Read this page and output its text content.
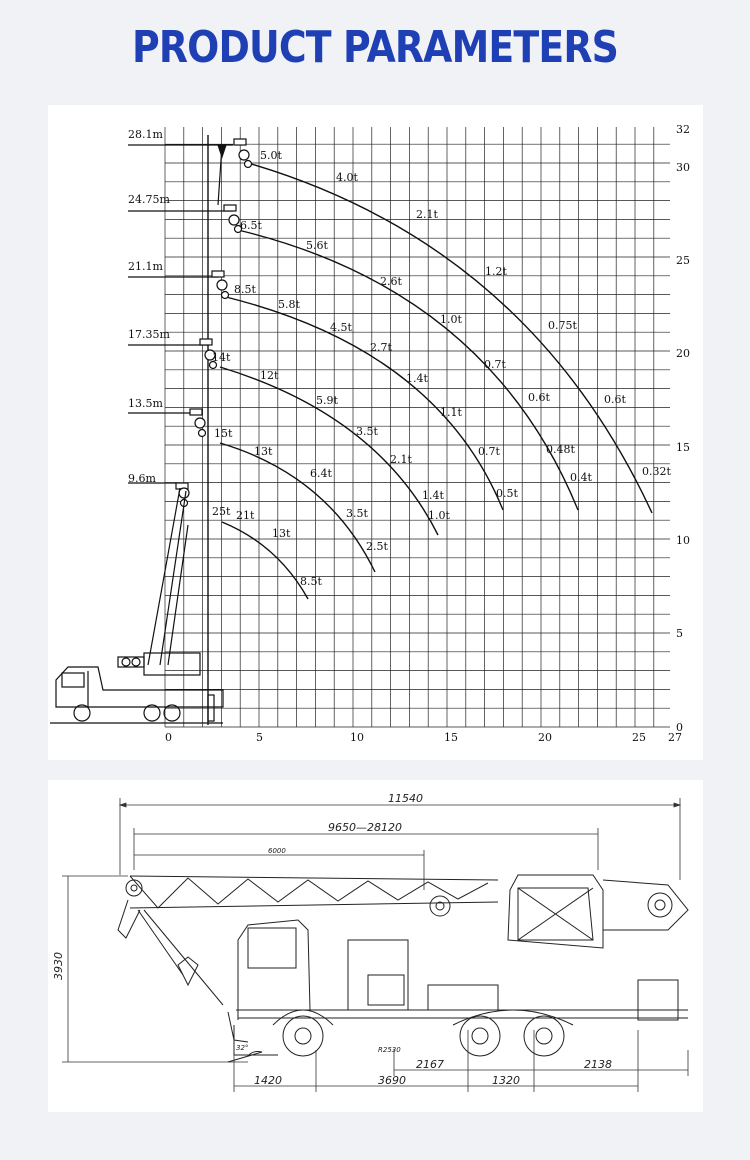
PRODUCT PARAMETERS
0	5	10	15	20	25 27
0
5
10
15
20
25
30
32
28.1m
24.75m
21.1m
17.35m
13.5m
9.6m
5.0t
4.0t
2.1t
1.2t
0.75t
0.6t
0.32t
6.5t
5.6t
2.6t
1.0t
0.7t
0.6t
0.48t
0.4t
8.5t
5.8t
4.5t
2.7t
1.4t
1.1t
0.7t
0.5t
14t
12t
5.9t
3.5t
2.1t
1.4t
1.0t
15t
13t
6.4t
3.5t
2.5t
25t 21t
13t
8.5t
11540
9650—28120
6000
3930
32°	R2530
1420	3690
2167
1320
2138
